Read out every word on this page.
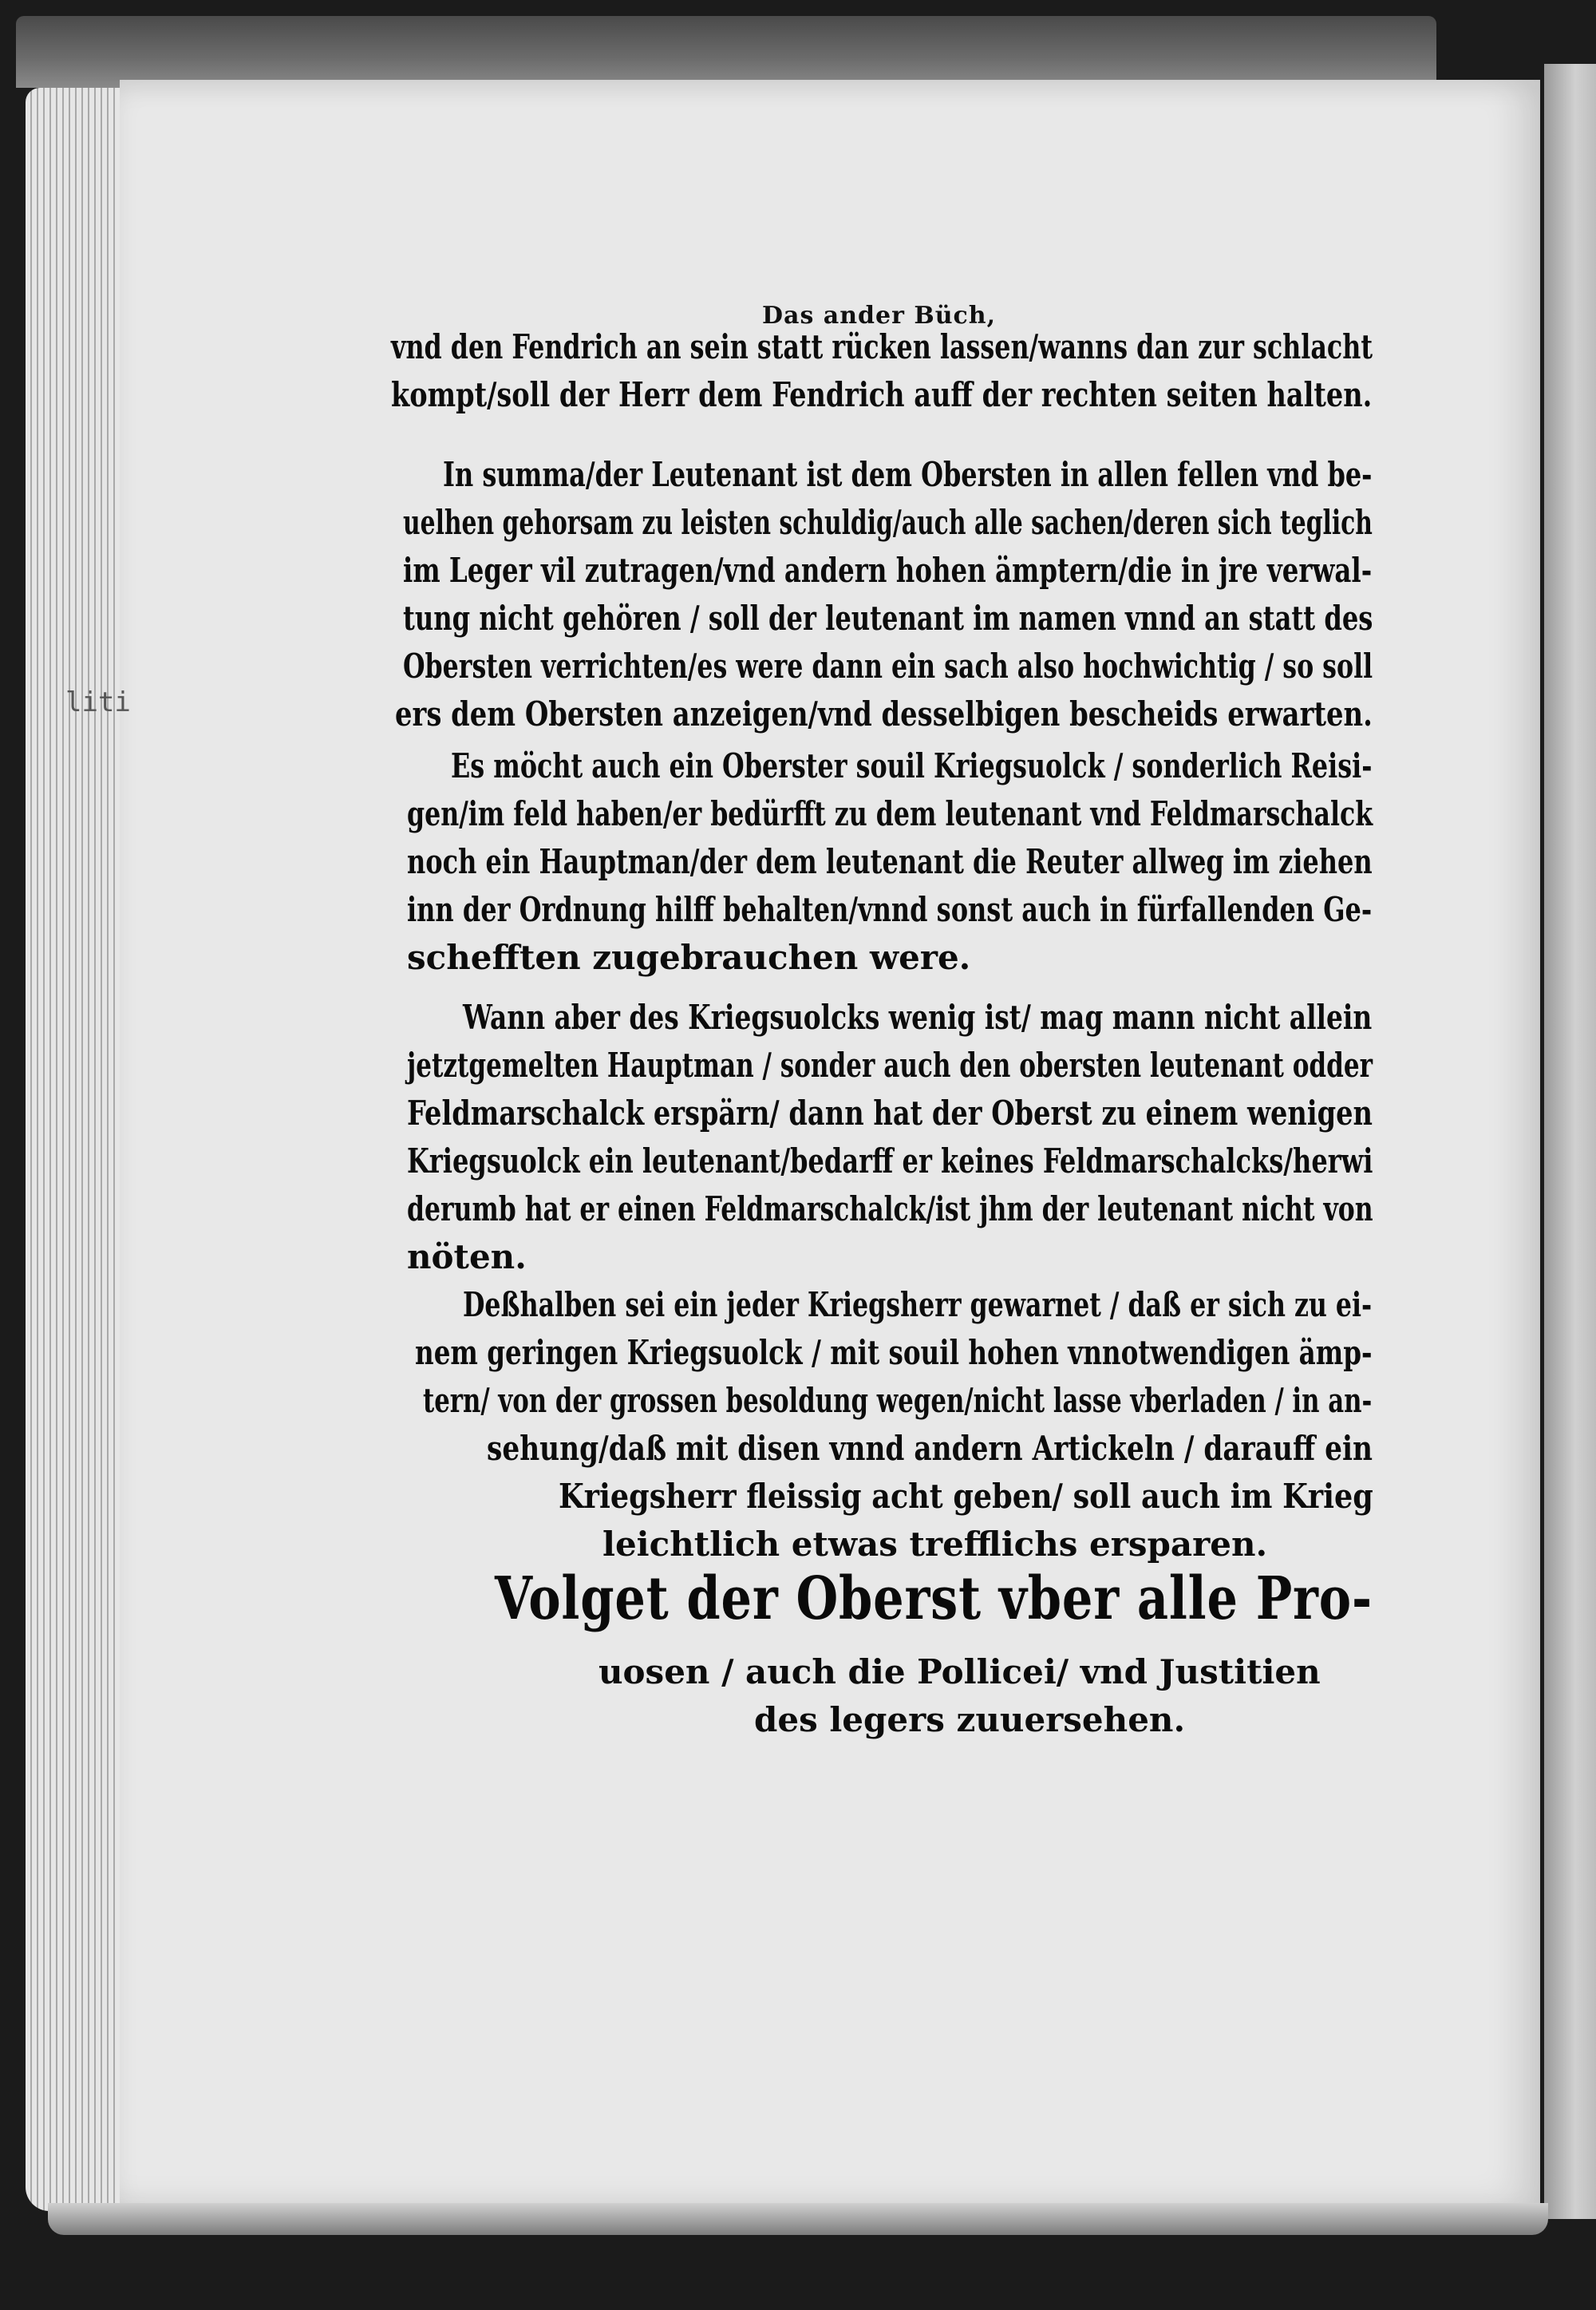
liti
Das ander Büch,
vnd den Fendrich an sein statt rücken lassen/wanns dan zur schlacht
kompt/soll der Herr dem Fendrich auff der rechten seiten halten.
In summa/der Leutenant ist dem Obersten in allen fellen vnd be-
uelhen gehorsam zu leisten schuldig/auch alle sachen/deren sich teglich
im Leger vil zutragen/vnd andern hohen ämptern/die in jre verwal-
tung nicht gehören / soll der leutenant im namen vnnd an statt des
Obersten verrichten/es were dann ein sach also hochwichtig / so soll
ers dem Obersten anzeigen/vnd desselbigen bescheids erwarten.
Es möcht auch ein Oberster souil Kriegsuolck / sonderlich Reisi-
gen/im feld haben/er bedürfft zu dem leutenant vnd Feldmarschalck
noch ein Hauptman/der dem leutenant die Reuter allweg im ziehen
inn der Ordnung hilff behalten/vnnd sonst auch in fürfallenden Ge-
schefften zugebrauchen were.
Wann aber des Kriegsuolcks wenig ist/ mag mann nicht allein
jetztgemelten Hauptman / sonder auch den obersten leutenant odder
Feldmarschalck erspärn/ dann hat der Oberst zu einem wenigen
Kriegsuolck ein leutenant/bedarff er keines Feldmarschalcks/herwi
derumb hat er einen Feldmarschalck/ist jhm der leutenant nicht von
nöten.
Deßhalben sei ein jeder Kriegsherr gewarnet / daß er sich zu ei-
nem geringen Kriegsuolck / mit souil hohen vnnotwendigen ämp-
tern/ von der grossen besoldung wegen/nicht lasse vberladen / in an-
sehung/daß mit disen vnnd andern Artickeln / darauff ein
Kriegsherr fleissig acht geben/ soll auch im Krieg
leichtlich etwas trefflichs ersparen.
Volget der Oberst vber alle Pro-
uosen / auch die Pollicei/ vnd Justitien
des legers zuuersehen.
